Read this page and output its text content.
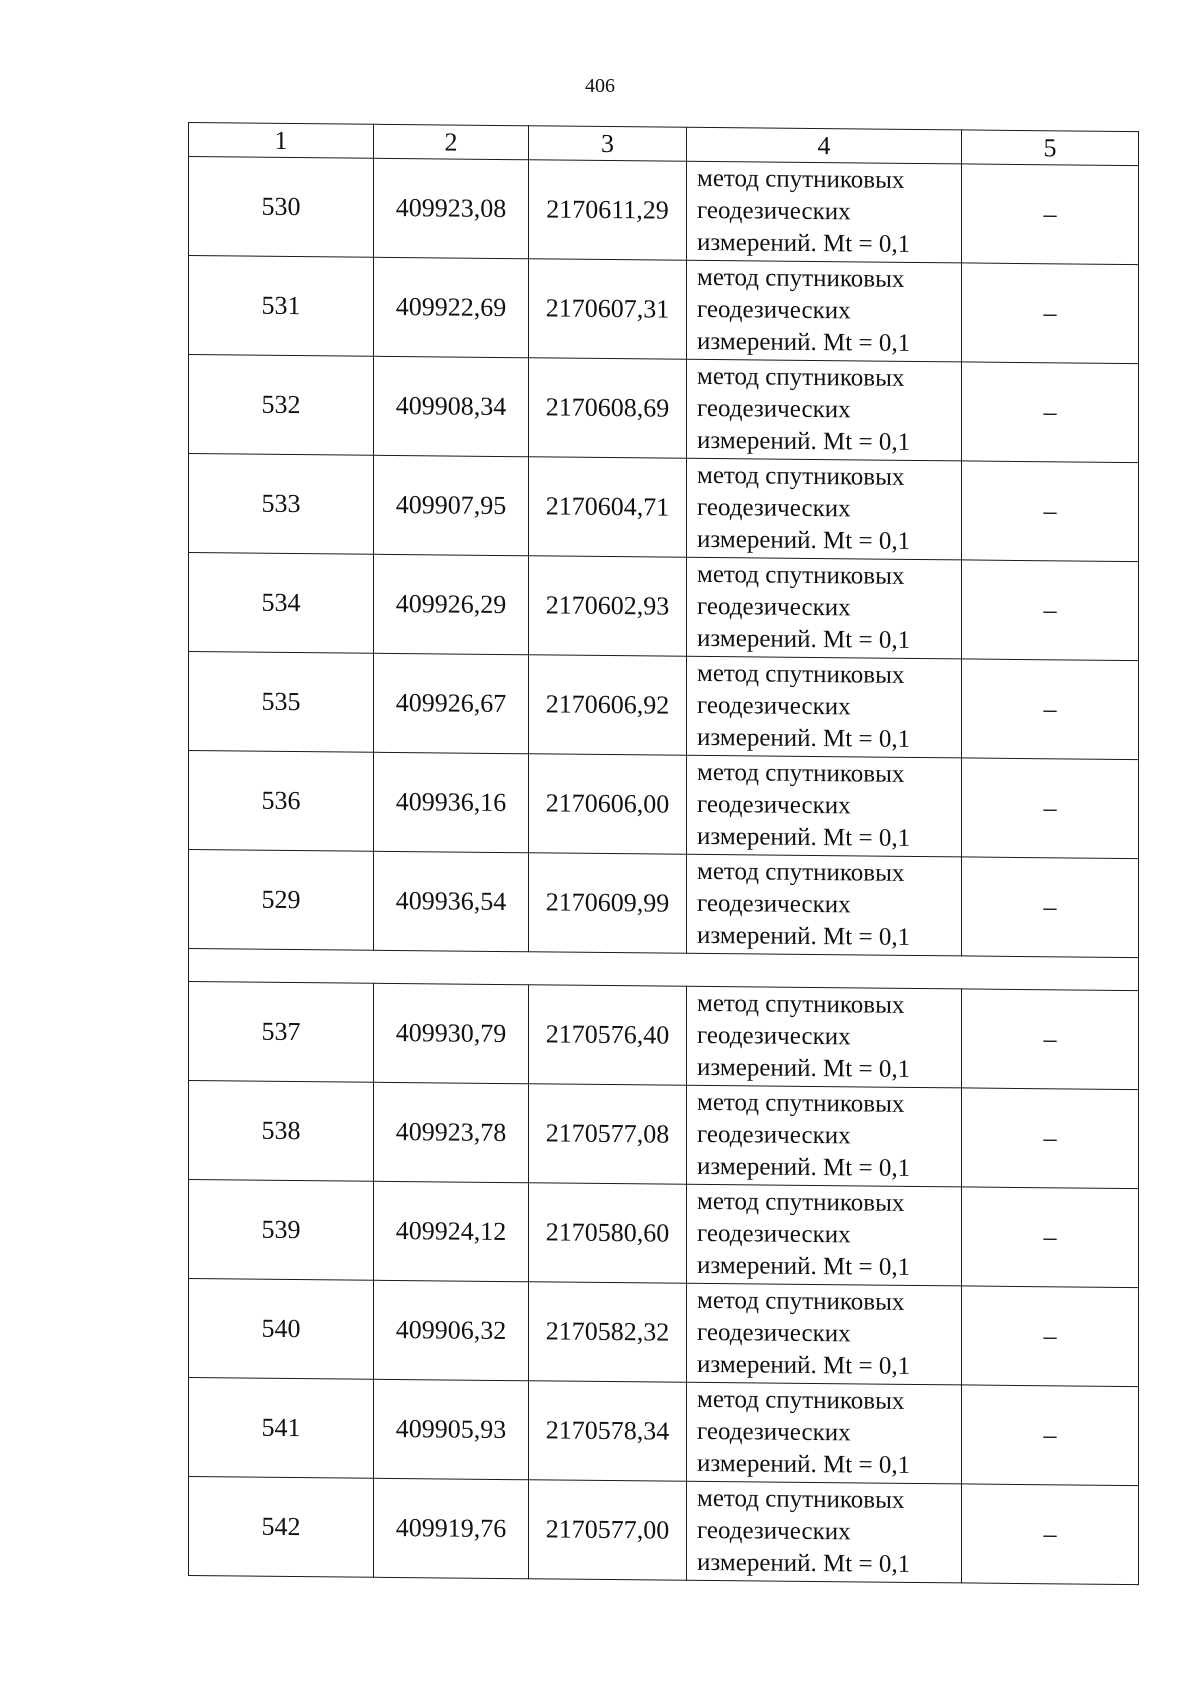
406
1	2	3	4	5
530	409923,08	2170611,29	метод спутниковых
геодезических
измерений. Mt = 0,1	–
531	409922,69	2170607,31	метод спутниковых
геодезических
измерений. Mt = 0,1	–
532	409908,34	2170608,69	метод спутниковых
геодезических
измерений. Mt = 0,1	–
533	409907,95	2170604,71	метод спутниковых
геодезических
измерений. Mt = 0,1	–
534	409926,29	2170602,93	метод спутниковых
геодезических
измерений. Mt = 0,1	–
535	409926,67	2170606,92	метод спутниковых
геодезических
измерений. Mt = 0,1	–
536	409936,16	2170606,00	метод спутниковых
геодезических
измерений. Mt = 0,1	–
529	409936,54	2170609,99	метод спутниковых
геодезических
измерений. Mt = 0,1	–

537	409930,79	2170576,40	метод спутниковых
геодезических
измерений. Mt = 0,1	–
538	409923,78	2170577,08	метод спутниковых
геодезических
измерений. Mt = 0,1	–
539	409924,12	2170580,60	метод спутниковых
геодезических
измерений. Mt = 0,1	–
540	409906,32	2170582,32	метод спутниковых
геодезических
измерений. Mt = 0,1	–
541	409905,93	2170578,34	метод спутниковых
геодезических
измерений. Mt = 0,1	–
542	409919,76	2170577,00	метод спутниковых
геодезических
измерений. Mt = 0,1	–
